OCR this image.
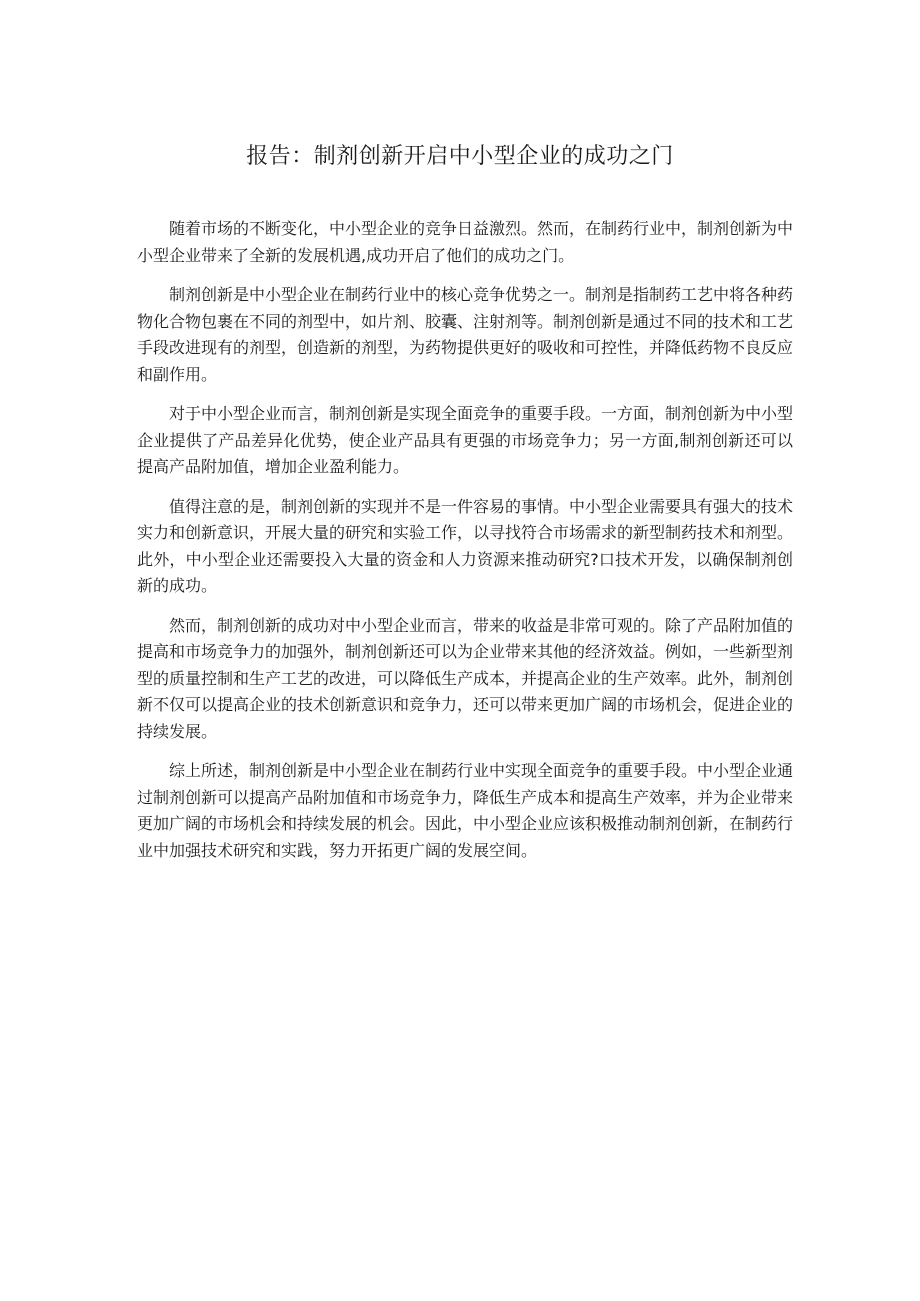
报告：制剂创新开启中小型企业的成功之门

随着市场的不断变化，中小型企业的竞争日益激烈。然而，在制药行业中，制剂创新为中小型企业带来了全新的发展机遇,成功开启了他们的成功之门。

制剂创新是中小型企业在制药行业中的核心竞争优势之一。制剂是指制药工艺中将各种药物化合物包裹在不同的剂型中，如片剂、胶囊、注射剂等。制剂创新是通过不同的技术和工艺手段改进现有的剂型，创造新的剂型，为药物提供更好的吸收和可控性，并降低药物不良反应和副作用。

对于中小型企业而言，制剂创新是实现全面竞争的重要手段。一方面，制剂创新为中小型企业提供了产品差异化优势，使企业产品具有更强的市场竞争力；另一方面,制剂创新还可以提高产品附加值，增加企业盈利能力。

值得注意的是，制剂创新的实现并不是一件容易的事情。中小型企业需要具有强大的技术实力和创新意识，开展大量的研究和实验工作，以寻找符合市场需求的新型制药技术和剂型。此外，中小型企业还需要投入大量的资金和人力资源来推动研究?口技术开发，以确保制剂创新的成功。

然而，制剂创新的成功对中小型企业而言，带来的收益是非常可观的。除了产品附加值的提高和市场竞争力的加强外，制剂创新还可以为企业带来其他的经济效益。例如，一些新型剂型的质量控制和生产工艺的改进，可以降低生产成本，并提高企业的生产效率。此外，制剂创新不仅可以提高企业的技术创新意识和竞争力，还可以带来更加广阔的市场机会，促进企业的持续发展。

综上所述，制剂创新是中小型企业在制药行业中实现全面竞争的重要手段。中小型企业通过制剂创新可以提高产品附加值和市场竞争力，降低生产成本和提高生产效率，并为企业带来更加广阔的市场机会和持续发展的机会。因此，中小型企业应该积极推动制剂创新，在制药行业中加强技术研究和实践，努力开拓更广阔的发展空间。
